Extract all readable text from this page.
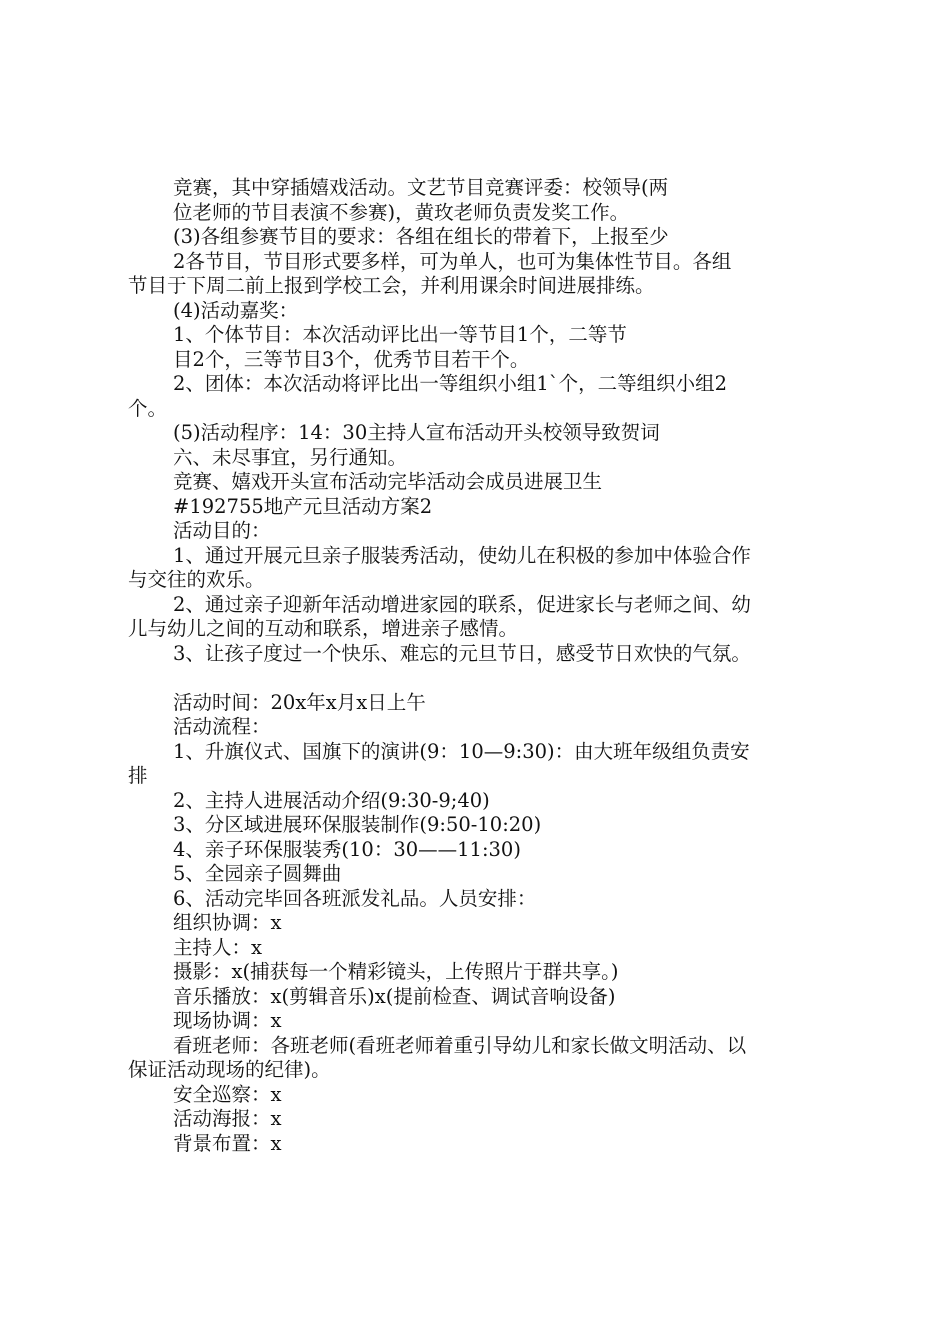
竞赛，其中穿插嬉戏活动。文艺节目竞赛评委：校领导(两
位老师的节目表演不参赛)，黄玫老师负责发奖工作。
(3)各组参赛节目的要求：各组在组长的带着下，上报至少
2各节目，节目形式要多样，可为单人，也可为集体性节目。各组
节目于下周二前上报到学校工会，并利用课余时间进展排练。
(4)活动嘉奖：
1、个体节目：本次活动评比出一等节目1个，二等节
目2个，三等节目3个，优秀节目若干个。
2、团体：本次活动将评比出一等组织小组1`个，二等组织小组2
个。
(5)活动程序：14：30主持人宣布活动开头校领导致贺词
六、未尽事宜，另行通知。
竞赛、嬉戏开头宣布活动完毕活动会成员进展卫生
#192755地产元旦活动方案2
活动目的：
1、通过开展元旦亲子服装秀活动，使幼儿在积极的参加中体验合作
与交往的欢乐。
2、通过亲子迎新年活动增进家园的联系，促进家长与老师之间、幼
儿与幼儿之间的互动和联系，增进亲子感情。
3、让孩子度过一个快乐、难忘的元旦节日，感受节日欢快的气氛。
活动时间：20x年x月x日上午
活动流程：
1、升旗仪式、国旗下的演讲(9：10—9:30)：由大班年级组负责安
排
2、主持人进展活动介绍(9:30-9;40)
3、分区域进展环保服装制作(9:50-10:20)
4、亲子环保服装秀(10：30——11:30)
5、全园亲子圆舞曲
6、活动完毕回各班派发礼品。人员安排：
组织协调：x
主持人：x
摄影：x(捕获每一个精彩镜头，上传照片于群共享。)
音乐播放：x(剪辑音乐)x(提前检查、调试音响设备)
现场协调：x
看班老师：各班老师(看班老师着重引导幼儿和家长做文明活动、以
保证活动现场的纪律)。
安全巡察：x
活动海报：x
背景布置：x
